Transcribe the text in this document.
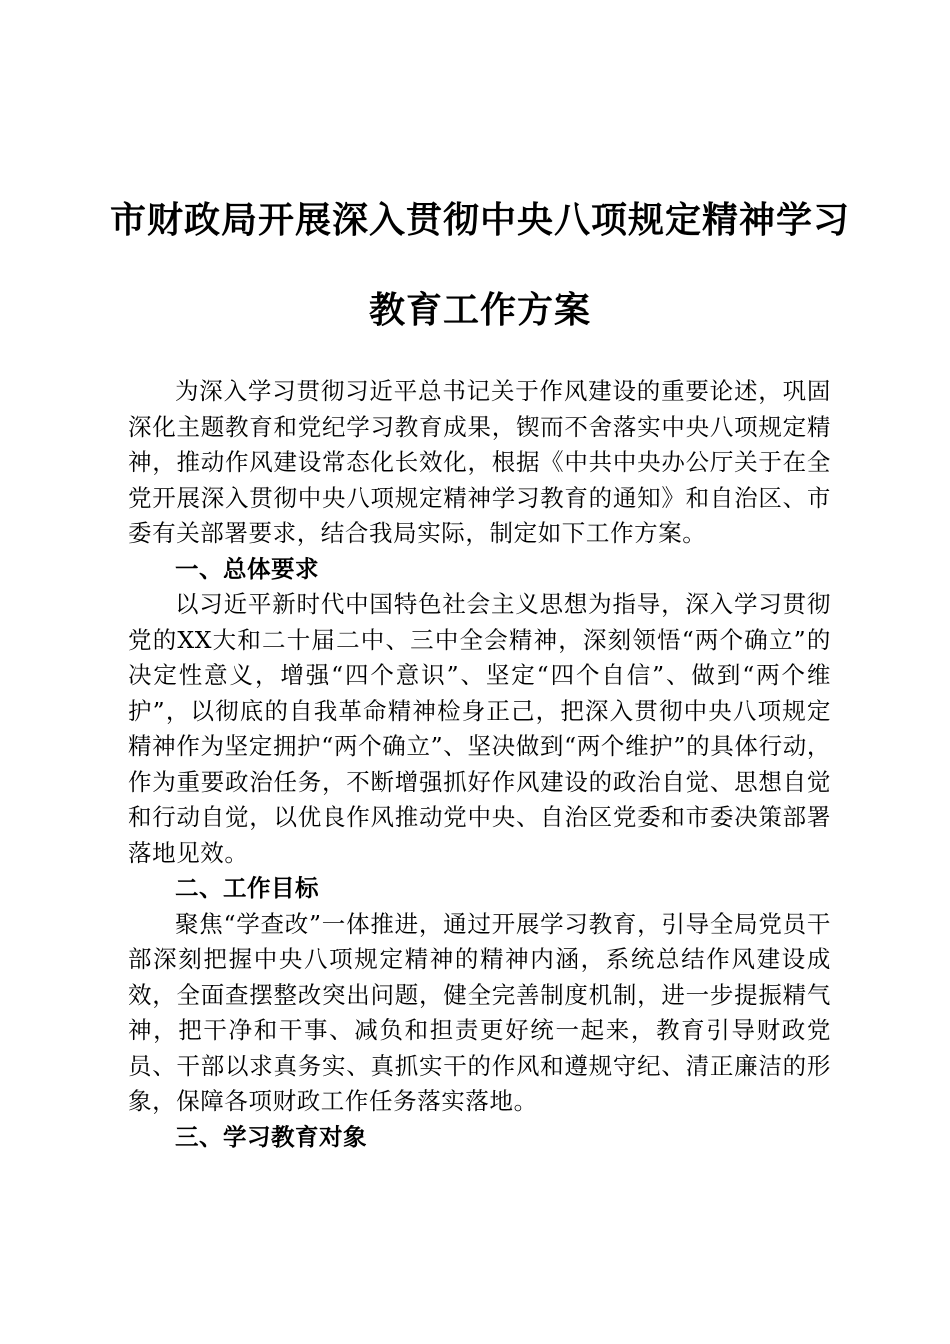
市财政局开展深入贯彻中央八项规定精神学习
教育工作方案

为深入学习贯彻习近平总书记关于作风建设的重要论述，巩固深化主题教育和党纪学习教育成果，锲而不舍落实中央八项规定精神，推动作风建设常态化长效化，根据《中共中央办公厅关于在全党开展深入贯彻中央八项规定精神学习教育的通知》和自治区、市委有关部署要求，结合我局实际，制定如下工作方案。

一、总体要求

以习近平新时代中国特色社会主义思想为指导，深入学习贯彻党的XX大和二十届二中、三中全会精神，深刻领悟“两个确立”的决定性意义，增强“四个意识”、坚定“四个自信”、做到“两个维护”，以彻底的自我革命精神检身正己，把深入贯彻中央八项规定精神作为坚定拥护“两个确立”、坚决做到“两个维护”的具体行动，作为重要政治任务，不断增强抓好作风建设的政治自觉、思想自觉和行动自觉，以优良作风推动党中央、自治区党委和市委决策部署落地见效。

二、工作目标

聚焦“学查改”一体推进，通过开展学习教育，引导全局党员干部深刻把握中央八项规定精神的精神内涵，系统总结作风建设成效，全面查摆整改突出问题，健全完善制度机制，进一步提振精气神，把干净和干事、减负和担责更好统一起来，教育引导财政党员、干部以求真务实、真抓实干的作风和遵规守纪、清正廉洁的形象，保障各项财政工作任务落实落地。

三、学习教育对象
